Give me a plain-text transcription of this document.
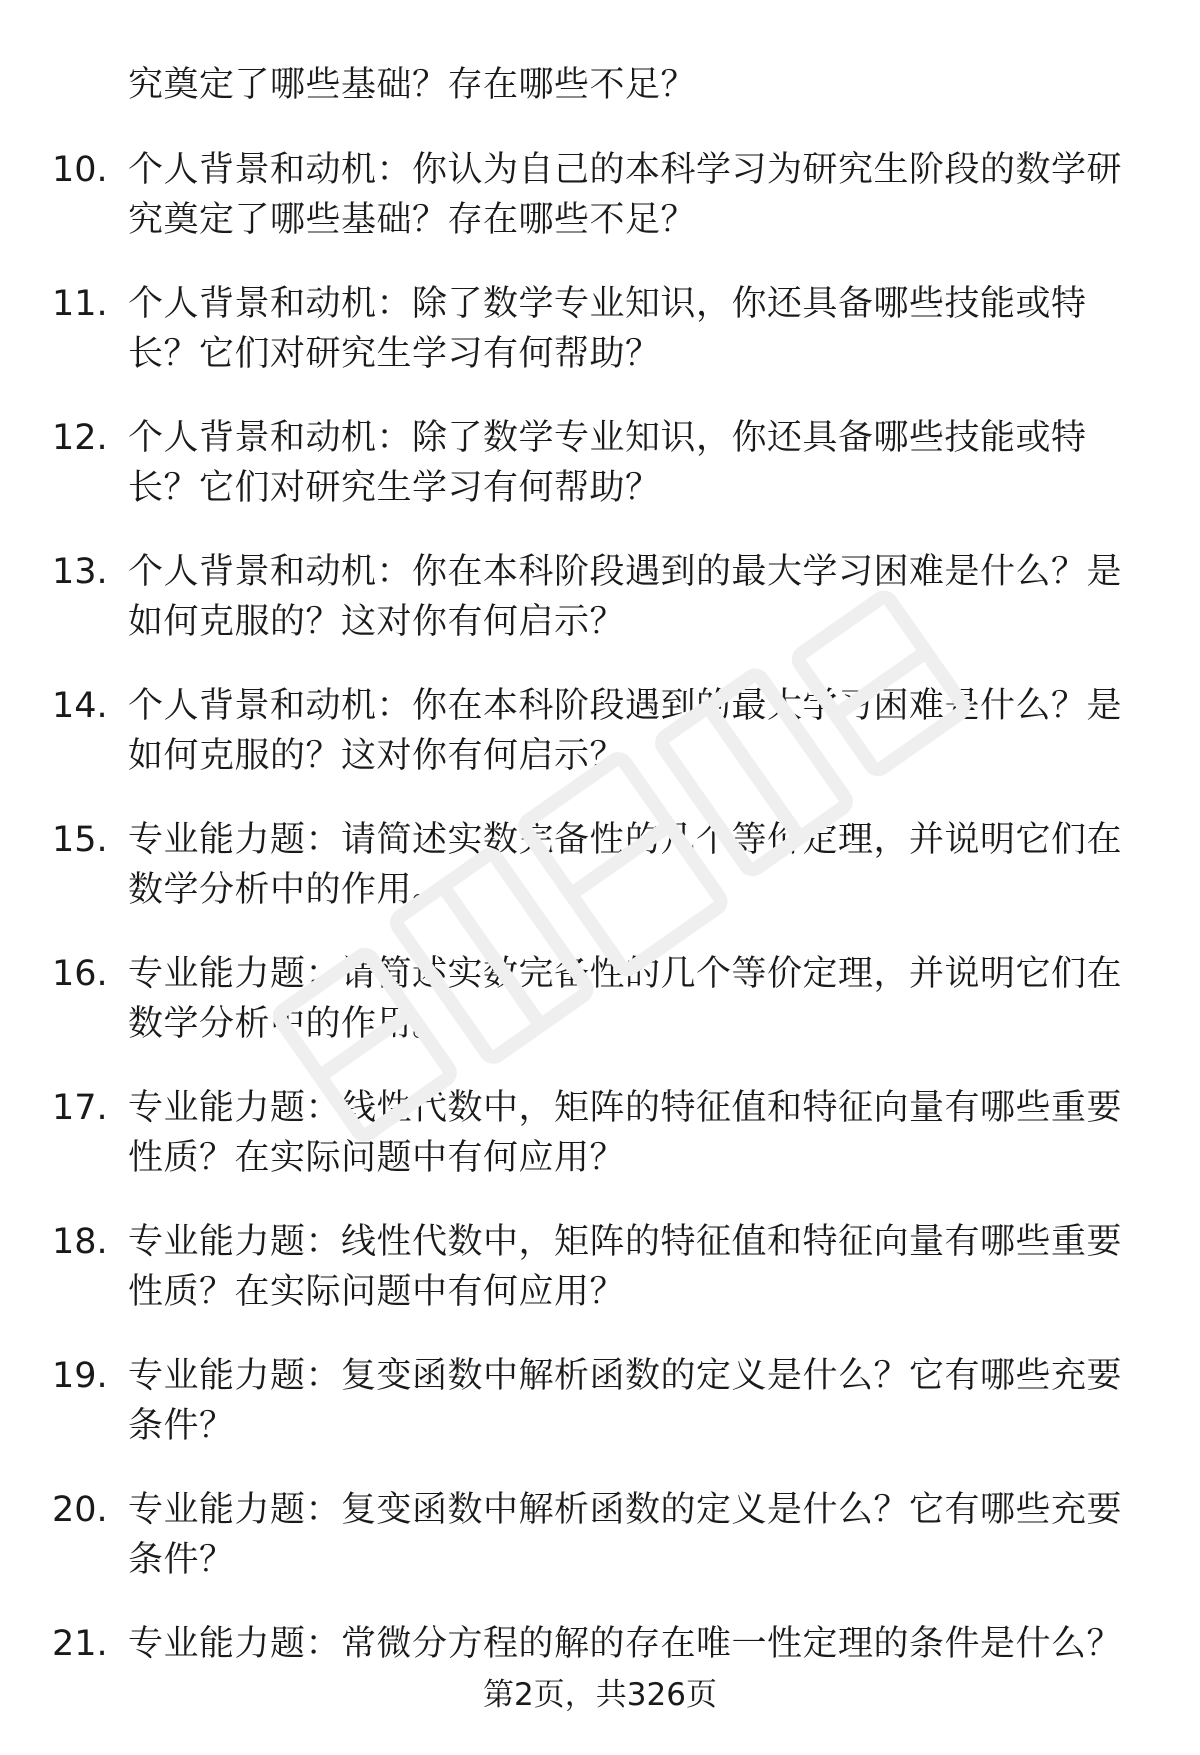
究奠定了哪些基础？存在哪些不足？
10. 个人背景和动机：你认为自己的本科学习为研究生阶段的数学研
究奠定了哪些基础？存在哪些不足？
11. 个人背景和动机：除了数学专业知识，你还具备哪些技能或特
长？它们对研究生学习有何帮助？
12. 个人背景和动机：除了数学专业知识，你还具备哪些技能或特
长？它们对研究生学习有何帮助？
13. 个人背景和动机：你在本科阶段遇到的最大学习困难是什么？是
如何克服的？这对你有何启示？
14. 个人背景和动机：你在本科阶段遇到的最大学习困难是什么？是
如何克服的？这对你有何启示？
15. 专业能力题：请简述实数完备性的几个等价定理，并说明它们在
数学分析中的作用。
16. 专业能力题：请简述实数完备性的几个等价定理，并说明它们在
数学分析中的作用。
17. 专业能力题：线性代数中，矩阵的特征值和特征向量有哪些重要
性质？在实际问题中有何应用？
18. 专业能力题：线性代数中，矩阵的特征值和特征向量有哪些重要
性质？在实际问题中有何应用？
19. 专业能力题：复变函数中解析函数的定义是什么？它有哪些充要
条件？
20. 专业能力题：复变函数中解析函数的定义是什么？它有哪些充要
条件？
21. 专业能力题：常微分方程的解的存在唯一性定理的条件是什么？
第2页，共326页
